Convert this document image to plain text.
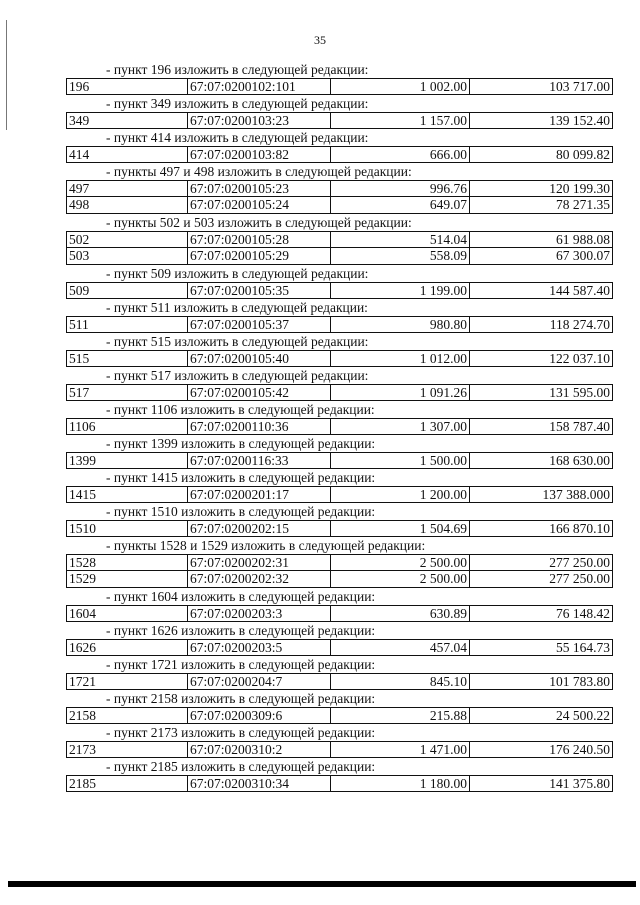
35
- пункт 196 изложить в следующей редакции:
196	67:07:0200102:101	1 002.00	103 717.00
- пункт 349 изложить в следующей редакции:
349	67:07:0200103:23	1 157.00	139 152.40
- пункт 414 изложить в следующей редакции:
414	67:07:0200103:82	666.00	80 099.82
- пункты 497 и 498 изложить в следующей редакции:
497	67:07:0200105:23	996.76	120 199.30
498	67:07:0200105:24	649.07	78 271.35
- пункты 502 и 503 изложить в следующей редакции:
502	67:07:0200105:28	514.04	61 988.08
503	67:07:0200105:29	558.09	67 300.07
- пункт 509 изложить в следующей редакции:
509	67:07:0200105:35	1 199.00	144 587.40
- пункт 511 изложить в следующей редакции:
511	67:07:0200105:37	980.80	118 274.70
- пункт 515 изложить в следующей редакции:
515	67:07:0200105:40	1 012.00	122 037.10
- пункт 517 изложить в следующей редакции:
517	67:07:0200105:42	1 091.26	131 595.00
- пункт 1106 изложить в следующей редакции:
1106	67:07:0200110:36	1 307.00	158 787.40
- пункт 1399 изложить в следующей редакции:
1399	67:07:0200116:33	1 500.00	168 630.00
- пункт 1415 изложить в следующей редакции:
1415	67:07:0200201:17	1 200.00	137 388.000
- пункт 1510 изложить в следующей редакции:
1510	67:07:0200202:15	1 504.69	166 870.10
- пункты 1528 и 1529 изложить в следующей редакции:
1528	67:07:0200202:31	2 500.00	277 250.00
1529	67:07:0200202:32	2 500.00	277 250.00
- пункт 1604 изложить в следующей редакции:
1604	67:07:0200203:3	630.89	76 148.42
- пункт 1626 изложить в следующей редакции:
1626	67:07:0200203:5	457.04	55 164.73
- пункт 1721 изложить в следующей редакции:
1721	67:07:0200204:7	845.10	101 783.80
- пункт 2158 изложить в следующей редакции:
2158	67:07:0200309:6	215.88	24 500.22
- пункт 2173 изложить в следующей редакции:
2173	67:07:0200310:2	1 471.00	176 240.50
- пункт 2185 изложить в следующей редакции:
2185	67:07:0200310:34	1 180.00	141 375.80
